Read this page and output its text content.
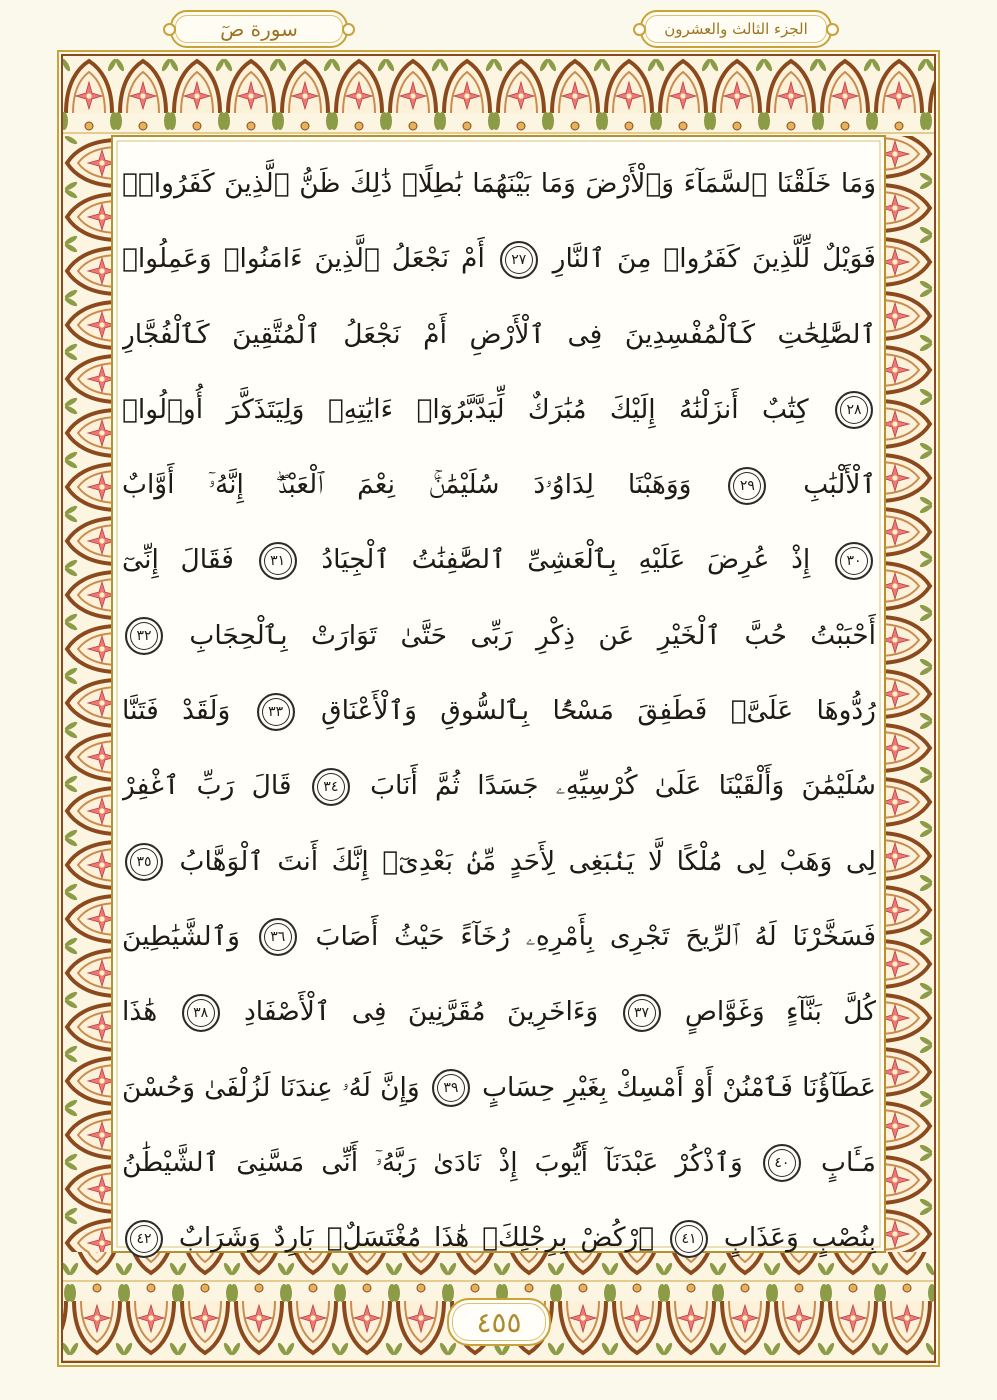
الجزء الثالث والعشرون
سورة صٓ
وَمَا خَلَقْنَا ٱلسَّمَآءَ وَٱلْأَرْضَ وَمَا بَيْنَهُمَا بَٰطِلًاۚ ذَٰلِكَ ظَنُّ ٱلَّذِينَ كَفَرُوا۟ۚ
فَوَيْلٌ لِّلَّذِينَ كَفَرُوا۟ مِنَ ٱلنَّارِ ٢٧ أَمْ نَجْعَلُ ٱلَّذِينَ ءَامَنُوا۟ وَعَمِلُوا۟
ٱلصَّٰلِحَٰتِ كَٱلْمُفْسِدِينَ فِى ٱلْأَرْضِ أَمْ نَجْعَلُ ٱلْمُتَّقِينَ كَٱلْفُجَّارِ
٢٨ كِتَٰبٌ أَنزَلْنَٰهُ إِلَيْكَ مُبَٰرَكٌ لِّيَدَّبَّرُوٓا۟ ءَايَٰتِهِۦ وَلِيَتَذَكَّرَ أُو۟لُوا۟
ٱلْأَلْبَٰبِ ٢٩ وَوَهَبْنَا لِدَاوُۥدَ سُلَيْمَٰنَۚ نِعْمَ ٱلْعَبْدُۖ إِنَّهُۥٓ أَوَّابٌ
٣٠ إِذْ عُرِضَ عَلَيْهِ بِٱلْعَشِىِّ ٱلصَّٰفِنَٰتُ ٱلْجِيَادُ ٣١ فَقَالَ إِنِّىٓ
أَحْبَبْتُ حُبَّ ٱلْخَيْرِ عَن ذِكْرِ رَبِّى حَتَّىٰ تَوَارَتْ بِٱلْحِجَابِ ٣٢
رُدُّوهَا عَلَىَّۖ فَطَفِقَ مَسْحًۢا بِٱلسُّوقِ وَٱلْأَعْنَاقِ ٣٣ وَلَقَدْ فَتَنَّا
سُلَيْمَٰنَ وَأَلْقَيْنَا عَلَىٰ كُرْسِيِّهِۦ جَسَدًا ثُمَّ أَنَابَ ٣٤ قَالَ رَبِّ ٱغْفِرْ
لِى وَهَبْ لِى مُلْكًا لَّا يَنۢبَغِى لِأَحَدٍ مِّنۢ بَعْدِىٓۖ إِنَّكَ أَنتَ ٱلْوَهَّابُ ٣٥
فَسَخَّرْنَا لَهُ ٱلرِّيحَ تَجْرِى بِأَمْرِهِۦ رُخَآءً حَيْثُ أَصَابَ ٣٦ وَٱلشَّيَٰطِينَ
كُلَّ بَنَّآءٍ وَغَوَّاصٍ ٣٧ وَءَاخَرِينَ مُقَرَّنِينَ فِى ٱلْأَصْفَادِ ٣٨ هَٰذَا
عَطَآؤُنَا فَٱمْنُنْ أَوْ أَمْسِكْ بِغَيْرِ حِسَابٍ ٣٩ وَإِنَّ لَهُۥ عِندَنَا لَزُلْفَىٰ وَحُسْنَ
مَـَٔابٍ ٤٠ وَٱذْكُرْ عَبْدَنَآ أَيُّوبَ إِذْ نَادَىٰ رَبَّهُۥٓ أَنِّى مَسَّنِىَ ٱلشَّيْطَٰنُ
بِنُصْبٍ وَعَذَابٍ ٤١ ٱرْكُضْ بِرِجْلِكَۖ هَٰذَا مُغْتَسَلٌۢ بَارِدٌ وَشَرَابٌ ٤٢
٤٥٥
